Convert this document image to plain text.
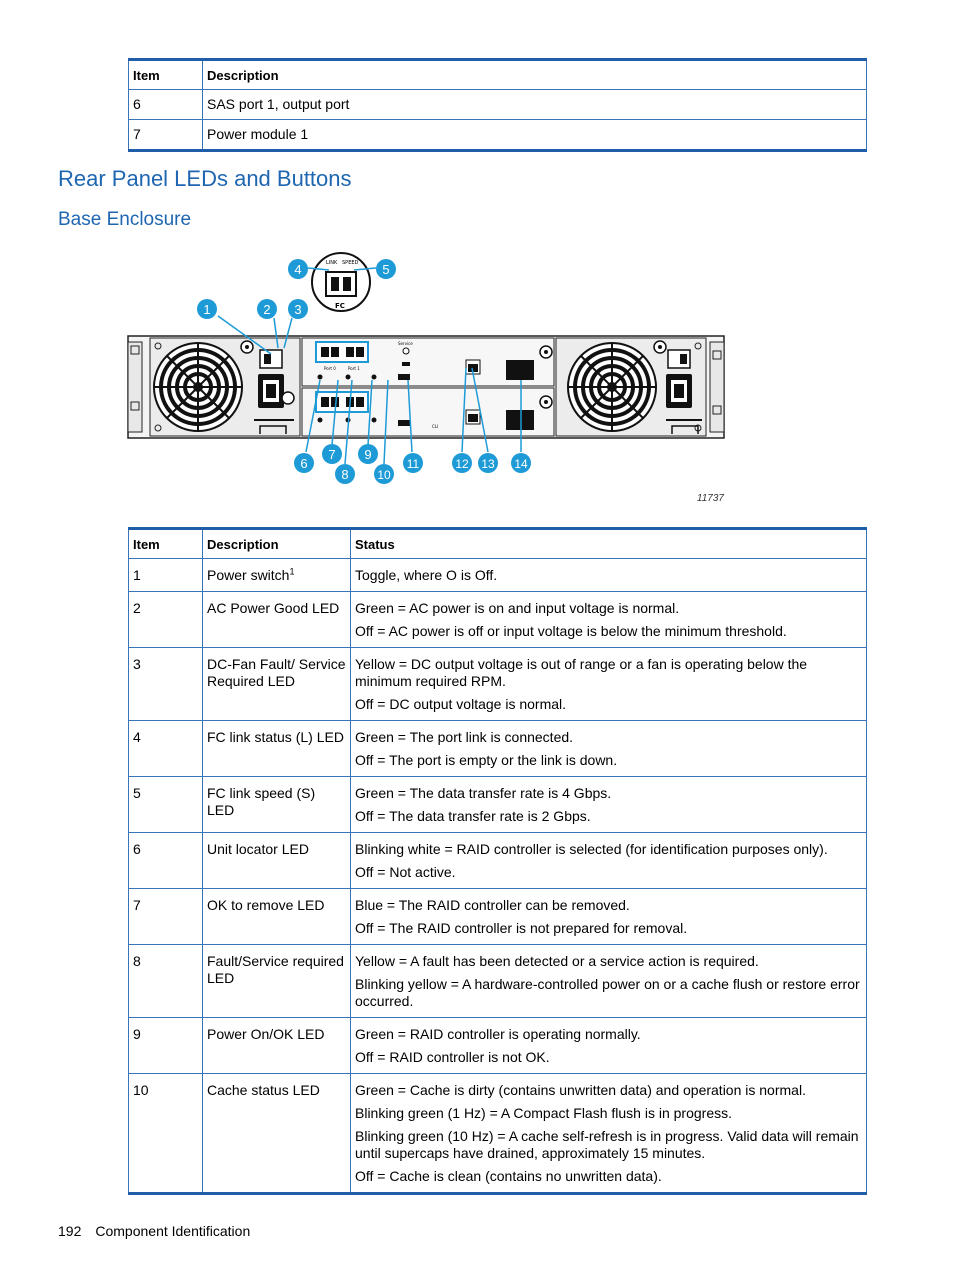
Item	Description
6	SAS port 1, output port
7	Power module 1
Rear Panel LEDs and Buttons
Base Enclosure
Port 0	Port 1
Service
CLI
LINK SPEED
FC
1	2 3
4	5
6
7
8
9
10
11	12 13 14
11737
Item	Description	Status
1	Power switch$^1$	Toggle, where O is Off.

2	AC Power Good LED	Green = AC power is on and input voltage is normal.

Off = AC power is off or input voltage is below the minimum threshold.

3	DC-Fan Fault/ Service Required LED	Yellow = DC output voltage is out of range or a fan is operating below the minimum required RPM.

Off = DC output voltage is normal.

4	FC link status (L) LED	Green = The port link is connected.

Off = The port is empty or the link is down.

5	FC link speed (S) LED	Green = The data transfer rate is 4 Gbps.

Off = The data transfer rate is 2 Gbps.

6	Unit locator LED	Blinking white = RAID controller is selected (for identification purposes only).

Off = Not active.

7	OK to remove LED	Blue = The RAID controller can be removed.

Off = The RAID controller is not prepared for removal.

8	Fault/Service required LED	Yellow = A fault has been detected or a service action is required.

Blinking yellow = A hardware-controlled power on or a cache flush or restore error occurred.

9	Power On/OK LED	Green = RAID controller is operating normally.

Off = RAID controller is not OK.

10	Cache status LED	Green = Cache is dirty (contains unwritten data) and operation is normal.

Blinking green (1 Hz) = A Compact Flash flush is in progress.

Blinking green (10 Hz) = A cache self-refresh is in progress. Valid data will remain until supercaps have drained, approximately 15 minutes.

Off = Cache is clean (contains no unwritten data).

192 Component Identification
